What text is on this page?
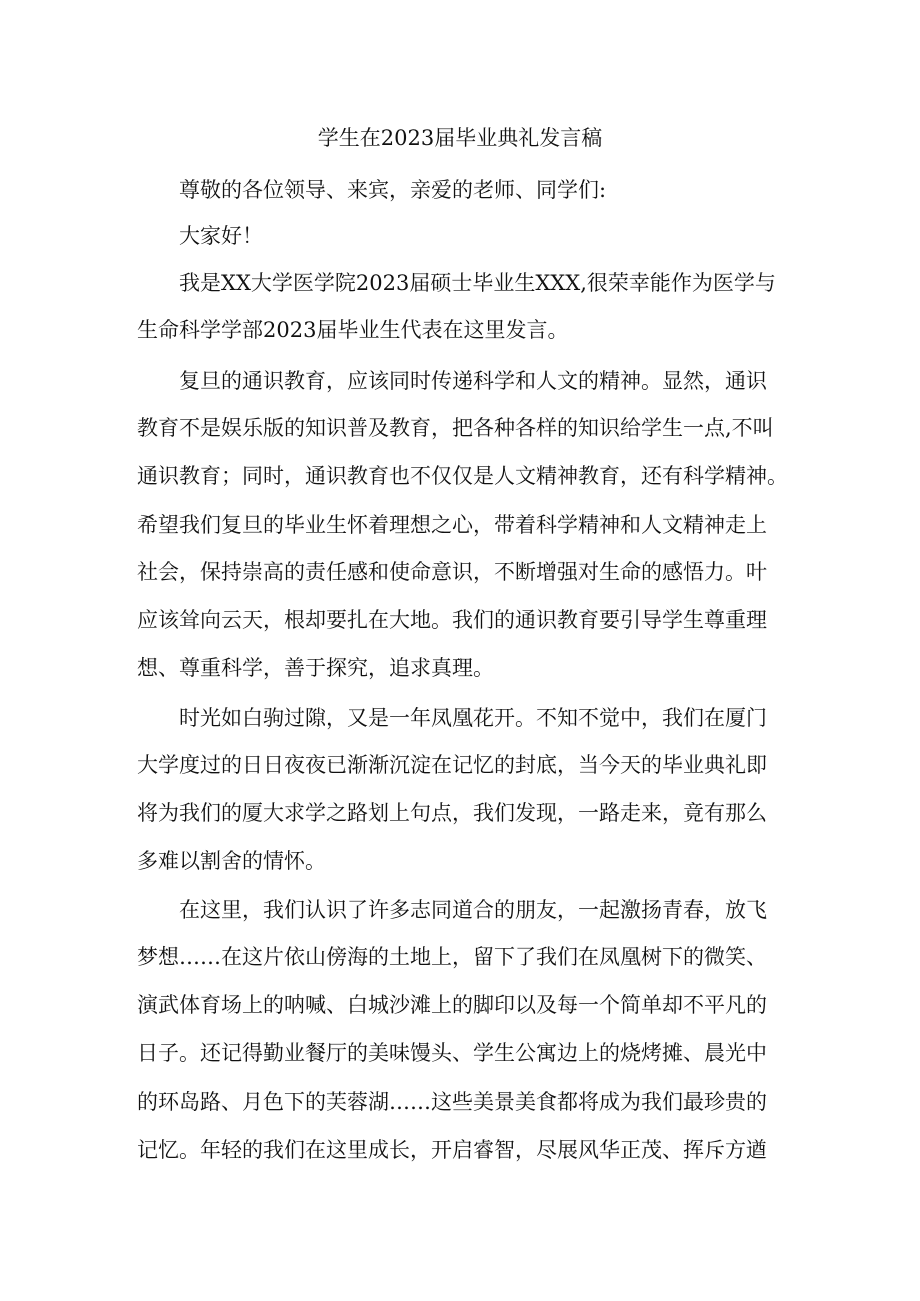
学生在2023届毕业典礼发言稿
尊敬的各位领导、来宾，亲爱的老师、同学们:
大家好！
我是XX大学医学院2023届硕士毕业生XXX,很荣幸能作为医学与
生命科学学部2023届毕业生代表在这里发言。
复旦的通识教育，应该同时传递科学和人文的精神。显然，通识
教育不是娱乐版的知识普及教育，把各种各样的知识给学生一点,不叫
通识教育；同时，通识教育也不仅仅是人文精神教育，还有科学精神。
希望我们复旦的毕业生怀着理想之心，带着科学精神和人文精神走上
社会，保持崇高的责任感和使命意识，不断增强对生命的感悟力。叶
应该耸向云天，根却要扎在大地。我们的通识教育要引导学生尊重理
想、尊重科学，善于探究，追求真理。
时光如白驹过隙，又是一年凤凰花开。不知不觉中，我们在厦门
大学度过的日日夜夜已渐渐沉淀在记忆的封底，当今天的毕业典礼即
将为我们的厦大求学之路划上句点，我们发现，一路走来，竟有那么
多难以割舍的情怀。
在这里，我们认识了许多志同道合的朋友，一起激扬青春，放飞
梦想……在这片依山傍海的土地上，留下了我们在凤凰树下的微笑、
演武体育场上的呐喊、白城沙滩上的脚印以及每一个简单却不平凡的
日子。还记得勤业餐厅的美味馒头、学生公寓边上的烧烤摊、晨光中
的环岛路、月色下的芙蓉湖……这些美景美食都将成为我们最珍贵的
记忆。年轻的我们在这里成长，开启睿智，尽展风华正茂、挥斥方遒
